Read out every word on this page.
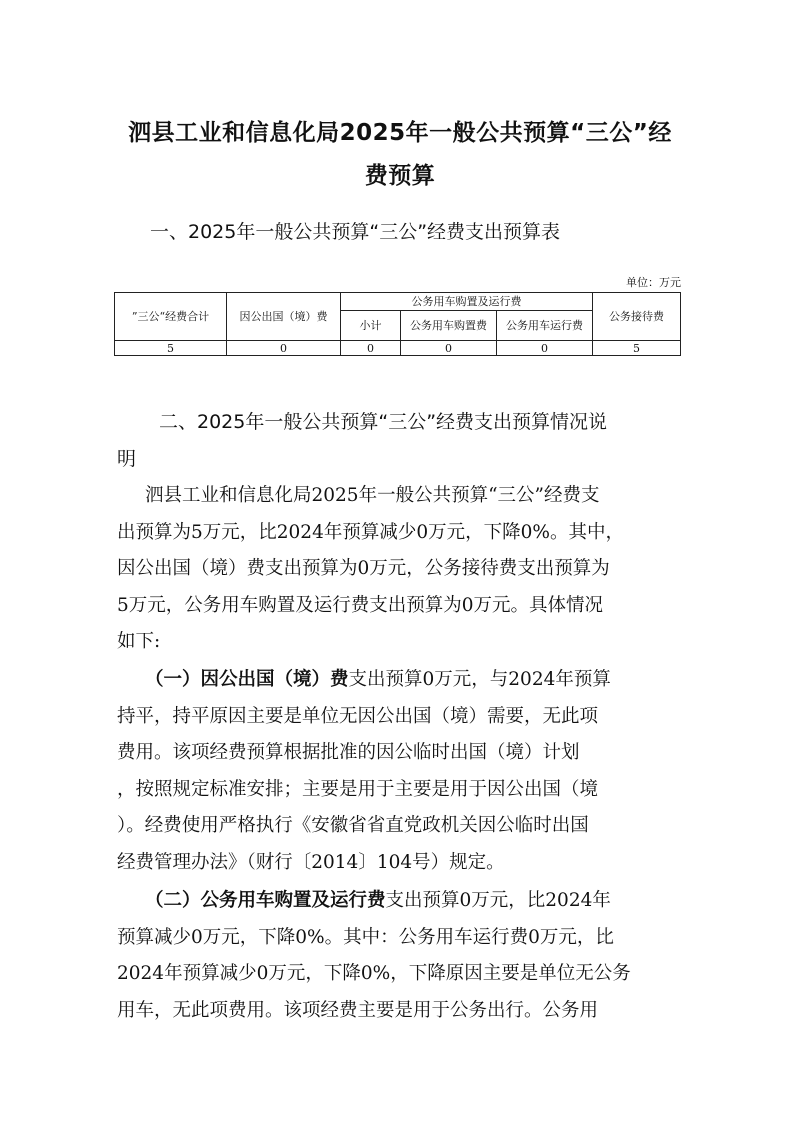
泗县工业和信息化局2025年一般公共预算“三公”经
费预算
一、2025年一般公共预算“三公”经费支出预算表
单位：万元
”三公“经费合计	因公出国（境）费	公务用车购置及运行费			公务接待费
		小计	公务用车购置费	公务用车运行费	
5	0	0	0	0	5
二、2025年一般公共预算“三公”经费支出预算情况说
明
泗县工业和信息化局2025年一般公共预算“三公”经费支
出预算为5万元，比2024年预算减少0万元，下降0%。其中，
因公出国（境）费支出预算为0万元，公务接待费支出预算为
5万元，公务用车购置及运行费支出预算为0万元。具体情况
如下:
（一）因公出国（境）费支出预算0万元，与2024年预算
持平，持平原因主要是单位无因公出国（境）需要，无此项
费用。该项经费预算根据批准的因公临时出国（境）计划
，按照规定标准安排；主要是用于主要是用于因公出国（境
）。经费使用严格执行《安徽省省直党政机关因公临时出国
经费管理办法》（财行〔2014〕104号）规定。
（二）公务用车购置及运行费支出预算0万元，比2024年
预算减少0万元，下降0%。其中：公务用车运行费0万元，比
2024年预算减少0万元，下降0%，下降原因主要是单位无公务
用车，无此项费用。该项经费主要是用于公务出行。公务用
